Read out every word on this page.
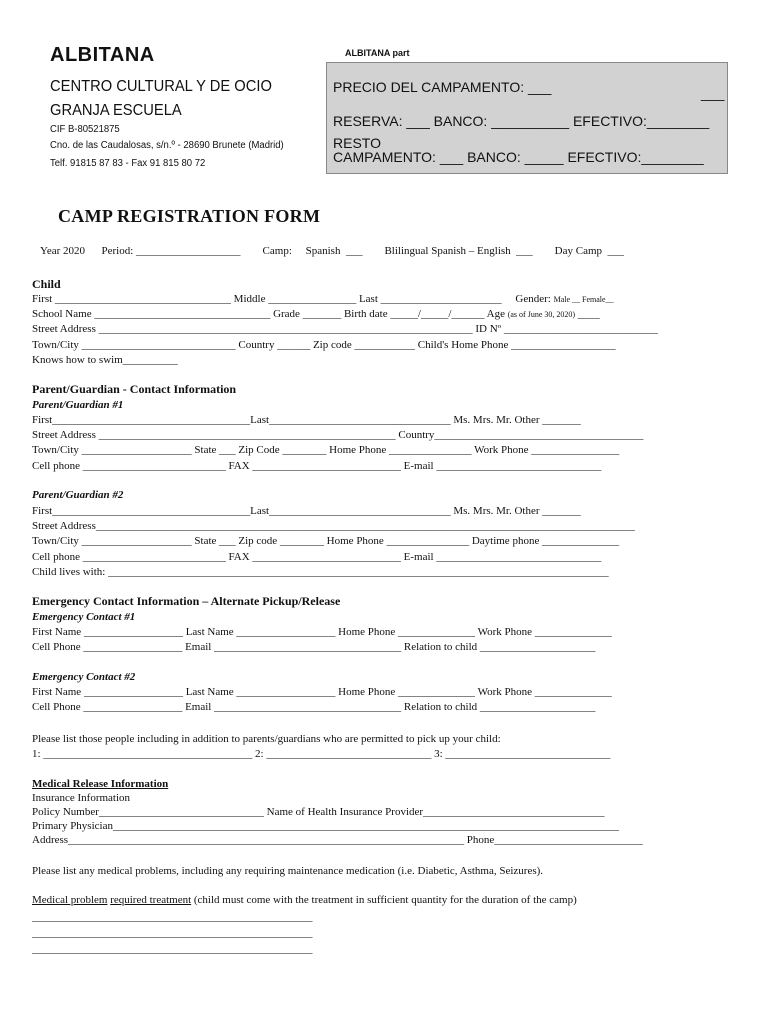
ALBITANA
CENTRO CULTURAL Y DE OCIO
GRANJA ESCUELA
CIF B-80521875
Cno. de las Caudalosas, s/n.º - 28690 Brunete (Madrid)
Telf. 91815 87 83 - Fax 91 815 80 72
ALBITANA part
PRECIO DEL CAMPAMENTO: ___	___
RESERVA: ___ BANCO: __________ EFECTIVO:________
RESTO
CAMPAMENTO: ___ BANCO: _____ EFECTIVO:________
CAMP REGISTRATION FORM
Year 2020      Period: ___________________        Camp:     Spanish  ___        Blilingual Spanish – English  ___        Day Camp  ___
Child
First ________________________________ Middle ________________ Last ______________________     Gender: Male __ Female__
School Name ________________________________ Grade _______ Birth date _____/_____/______ Age (as of June 30, 2020) ____
Street Address ____________________________________________________________________ ID Nº ____________________________
Town/City ____________________________ Country ______ Zip code ___________ Child's Home Phone ___________________
Knows how to swim__________
Parent/Guardian - Contact Information
Parent/Guardian #1
First____________________________________Last_________________________________ Ms. Mrs. Mr. Other _______
Street Address ______________________________________________________ Country______________________________________
Town/City ____________________ State ___ Zip Code ________ Home Phone _______________ Work Phone ________________
Cell phone __________________________ FAX ___________________________ E-mail ______________________________
Parent/Guardian #2
First____________________________________Last_________________________________ Ms. Mrs. Mr. Other _______
Street Address__________________________________________________________________________________________________
Town/City ____________________ State ___ Zip code ________ Home Phone _______________ Daytime phone ______________
Cell phone __________________________ FAX ___________________________ E-mail ______________________________
Child lives with: ___________________________________________________________________________________________
Emergency Contact Information – Alternate Pickup/Release
Emergency Contact #1
First Name __________________ Last Name __________________ Home Phone ______________ Work Phone ______________
Cell Phone __________________ Email __________________________________ Relation to child _____________________
Emergency Contact #2
First Name __________________ Last Name __________________ Home Phone ______________ Work Phone ______________
Cell Phone __________________ Email __________________________________ Relation to child _____________________
Please list those people including in addition to parents/guardians who are permitted to pick up your child:
1: ______________________________________ 2: ______________________________ 3: ______________________________
Medical Release Information
Insurance Information
Policy Number______________________________ Name of Health Insurance Provider_________________________________
Primary Physician____________________________________________________________________________________________
Address________________________________________________________________________ Phone___________________________
Please list any medical problems, including any requiring maintenance medication (i.e. Diabetic, Asthma, Seizures).
Medical problem required treatment (child must come with the treatment in sufficient quantity for the duration of the camp)
___________________________________________________
___________________________________________________
___________________________________________________
